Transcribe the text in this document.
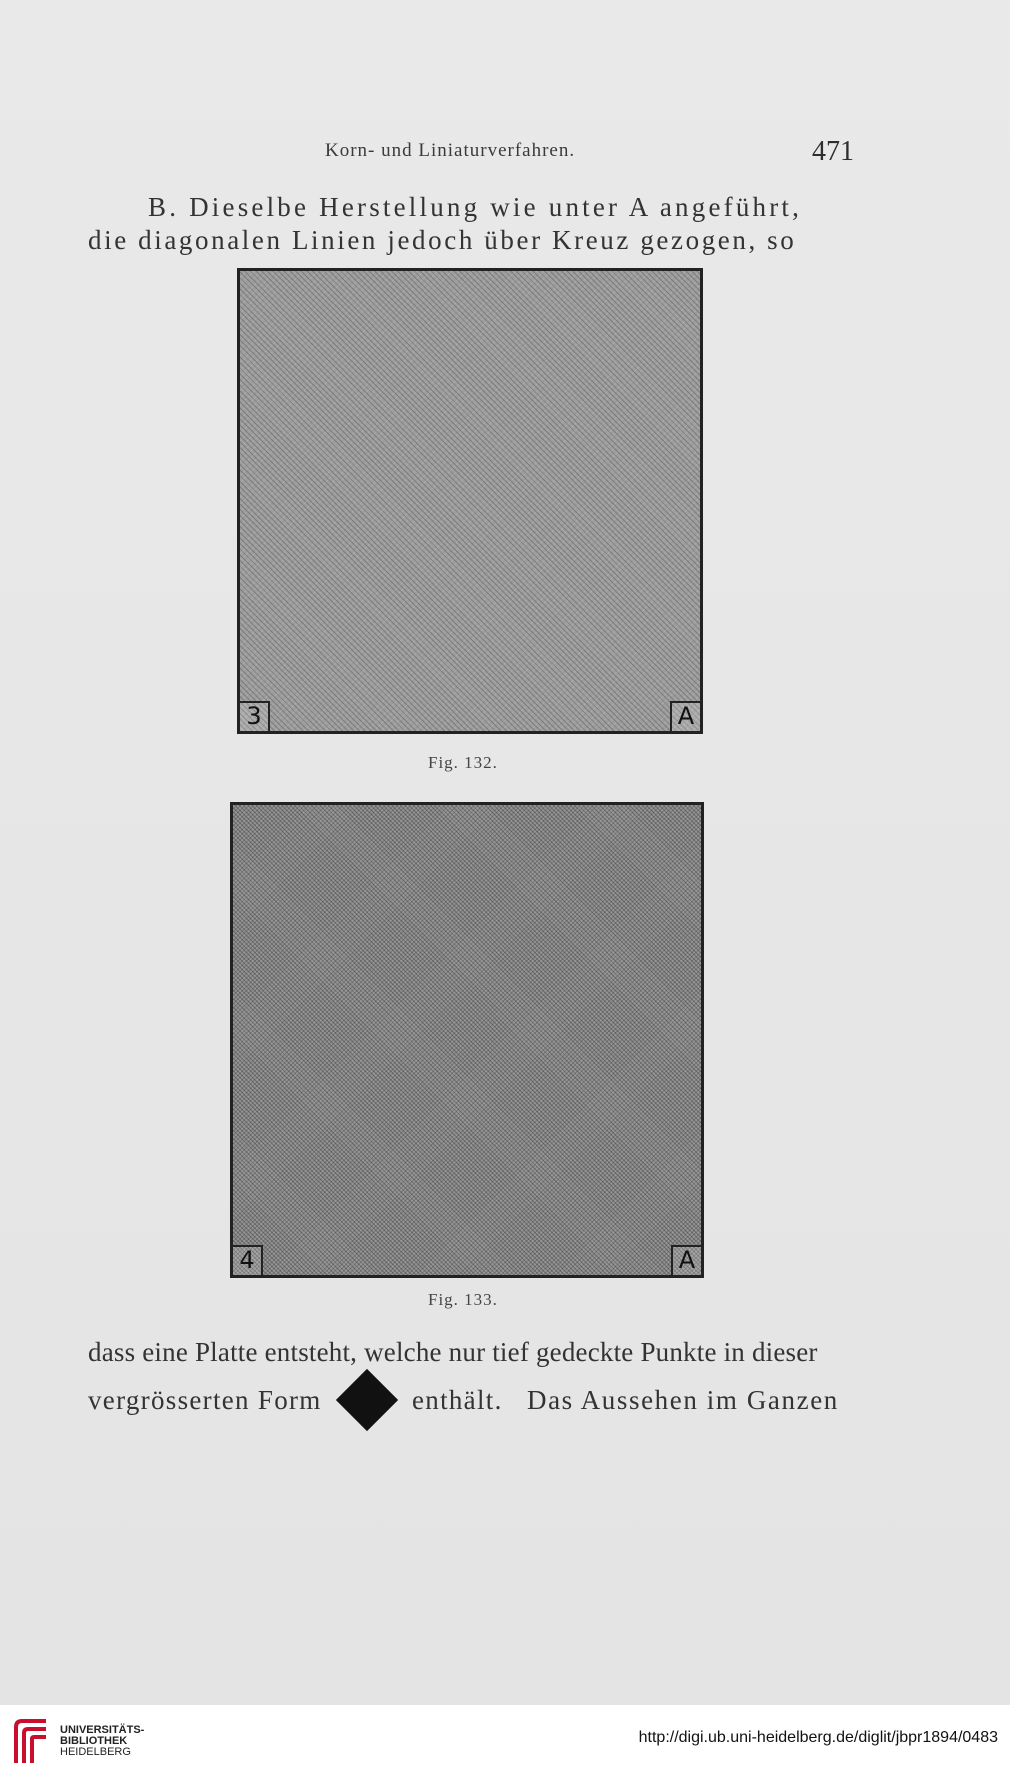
Korn- und Liniaturverfahren.	471
B. Dieselbe Herstellung wie unter A angeführt,
die diagonalen Linien jedoch über Kreuz gezogen, so
3	A
Fig. 132.
4	A
Fig. 133.
dass eine Platte entsteht, welche nur tief gedeckte Punkte in dieser
vergrösserten Form	enthält. Das Aussehen im Ganzen
UNIVERSITÄTS-
BIBLIOTHEK
HEIDELBERG
http://digi.ub.uni-heidelberg.de/diglit/jbpr1894/0483
